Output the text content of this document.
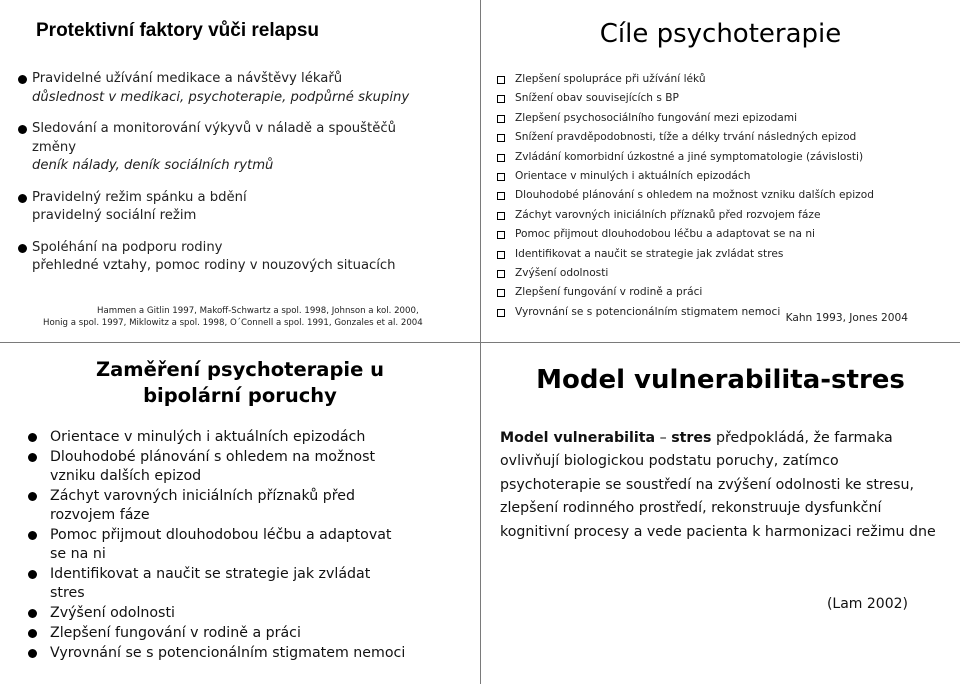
Protektivní faktory vůči relapsu
Pravidelné užívání medikace a návštěvy lékařů
důslednost v medikaci, psychoterapie, podpůrné skupiny
Sledování a monitorování výkyvů v náladě a spouštěčů změny
deník nálady, deník sociálních rytmů
Pravidelný režim spánku a bdění
pravidelný sociální režim
Spoléhání na podporu rodiny
přehledné vztahy, pomoc rodiny v nouzových situacích
Hammen a Gitlin 1997, Makoff-Schwartz a spol. 1998, Johnson a kol. 2000,
Honig a spol. 1997, Miklowitz a spol. 1998, O´Connell a spol. 1991, Gonzales et al. 2004
Cíle psychoterapie
Zlepšení spolupráce při užívání léků
Snížení obav souvisejících s BP
Zlepšení psychosociálního fungování mezi epizodami
Snížení pravděpodobnosti, tíže a délky trvání následných epizod
Zvládání komorbidní úzkostné a jiné symptomatologie (závislosti)
Orientace v minulých i aktuálních epizodách
Dlouhodobé plánování s ohledem na možnost vzniku dalších epizod
Záchyt varovných iniciálních příznaků před rozvojem fáze
Pomoc přijmout dlouhodobou léčbu a adaptovat se na ni
Identifikovat a naučit se strategie jak zvládat stres
Zvýšení odolnosti
Zlepšení fungování v rodině a práci
Vyrovnání se s potencionálním stigmatem nemoci
Kahn 1993, Jones 2004
Zaměření psychoterapie u
bipolární poruchy
Orientace v minulých i aktuálních epizodách
Dlouhodobé plánování s ohledem na možnost vzniku dalších epizod
Záchyt varovných iniciálních příznaků před rozvojem fáze
Pomoc přijmout dlouhodobou léčbu a adaptovat se na ni
Identifikovat a naučit se strategie jak zvládat stres
Zvýšení odolnosti
Zlepšení fungování v rodině a práci
Vyrovnání se s potencionálním stigmatem nemoci
Model vulnerabilita-stres
Model vulnerabilita – stres předpokládá, že farmaka ovlivňují biologickou podstatu poruchy, zatímco psychoterapie se soustředí na zvýšení odolnosti ke stresu, zlepšení rodinného prostředí, rekonstruuje dysfunkční kognitivní procesy a vede pacienta k harmonizaci režimu dne
(Lam 2002)
